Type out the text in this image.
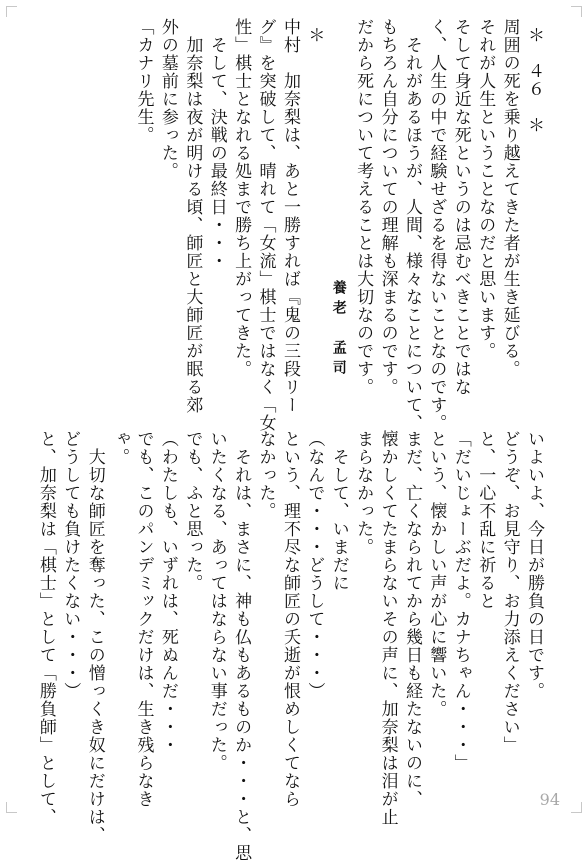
＊　４６　＊

周囲の死を乗り越えてきた者が生き延びる。

それが人生ということなのだと思います。

そして身近な死というのは忌むべきことではな

く、人生の中で経験せざるを得ないことなのです。

それがあるほうが、人間、様々なことについて、

もちろん自分についての理解も深まるのです。

だから死について考えることは大切なのです。

養老　孟司

＊

中村　加奈梨は、あと一勝すれば『鬼の三段リー

グ』を突破して、晴れて「女流」棋士ではなく「女

性」棋士となれる処まで勝ち上がってきた。

そして、決戦の最終日・・・

加奈梨は夜が明ける頃、師匠と大師匠が眠る郊

外の墓前に参った。

「カナリ先生。

いよいよ、今日が勝負の日です。

どうぞ、お見守り、お力添えください」

と、一心不乱に祈ると

「だいじょーぶだよ。カナちゃん・・・」

という、懐かしい声が心に響いた。

まだ、亡くなられてから幾日も経たないのに、

懐かしくてたまらないその声に、加奈梨は泪が止

まらなかった。

そして、いまだに

（なんで・・・どうして・・・）

という、理不尽な師匠の夭逝が恨めしくてなら

なかった。

それは、まさに、神も仏もあるものか・・・と、思

いたくなる、あってはならない事だった。

でも、ふと思った。

（わたしも、いずれは、死ぬんだ・・・

でも、このパンデミックだけは、生き残らなき

ゃ。

大切な師匠を奪った、この憎っくき奴にだけは、

どうしても負けたくない・・・）

と、加奈梨は「棋士」として「勝負師」として、	94
